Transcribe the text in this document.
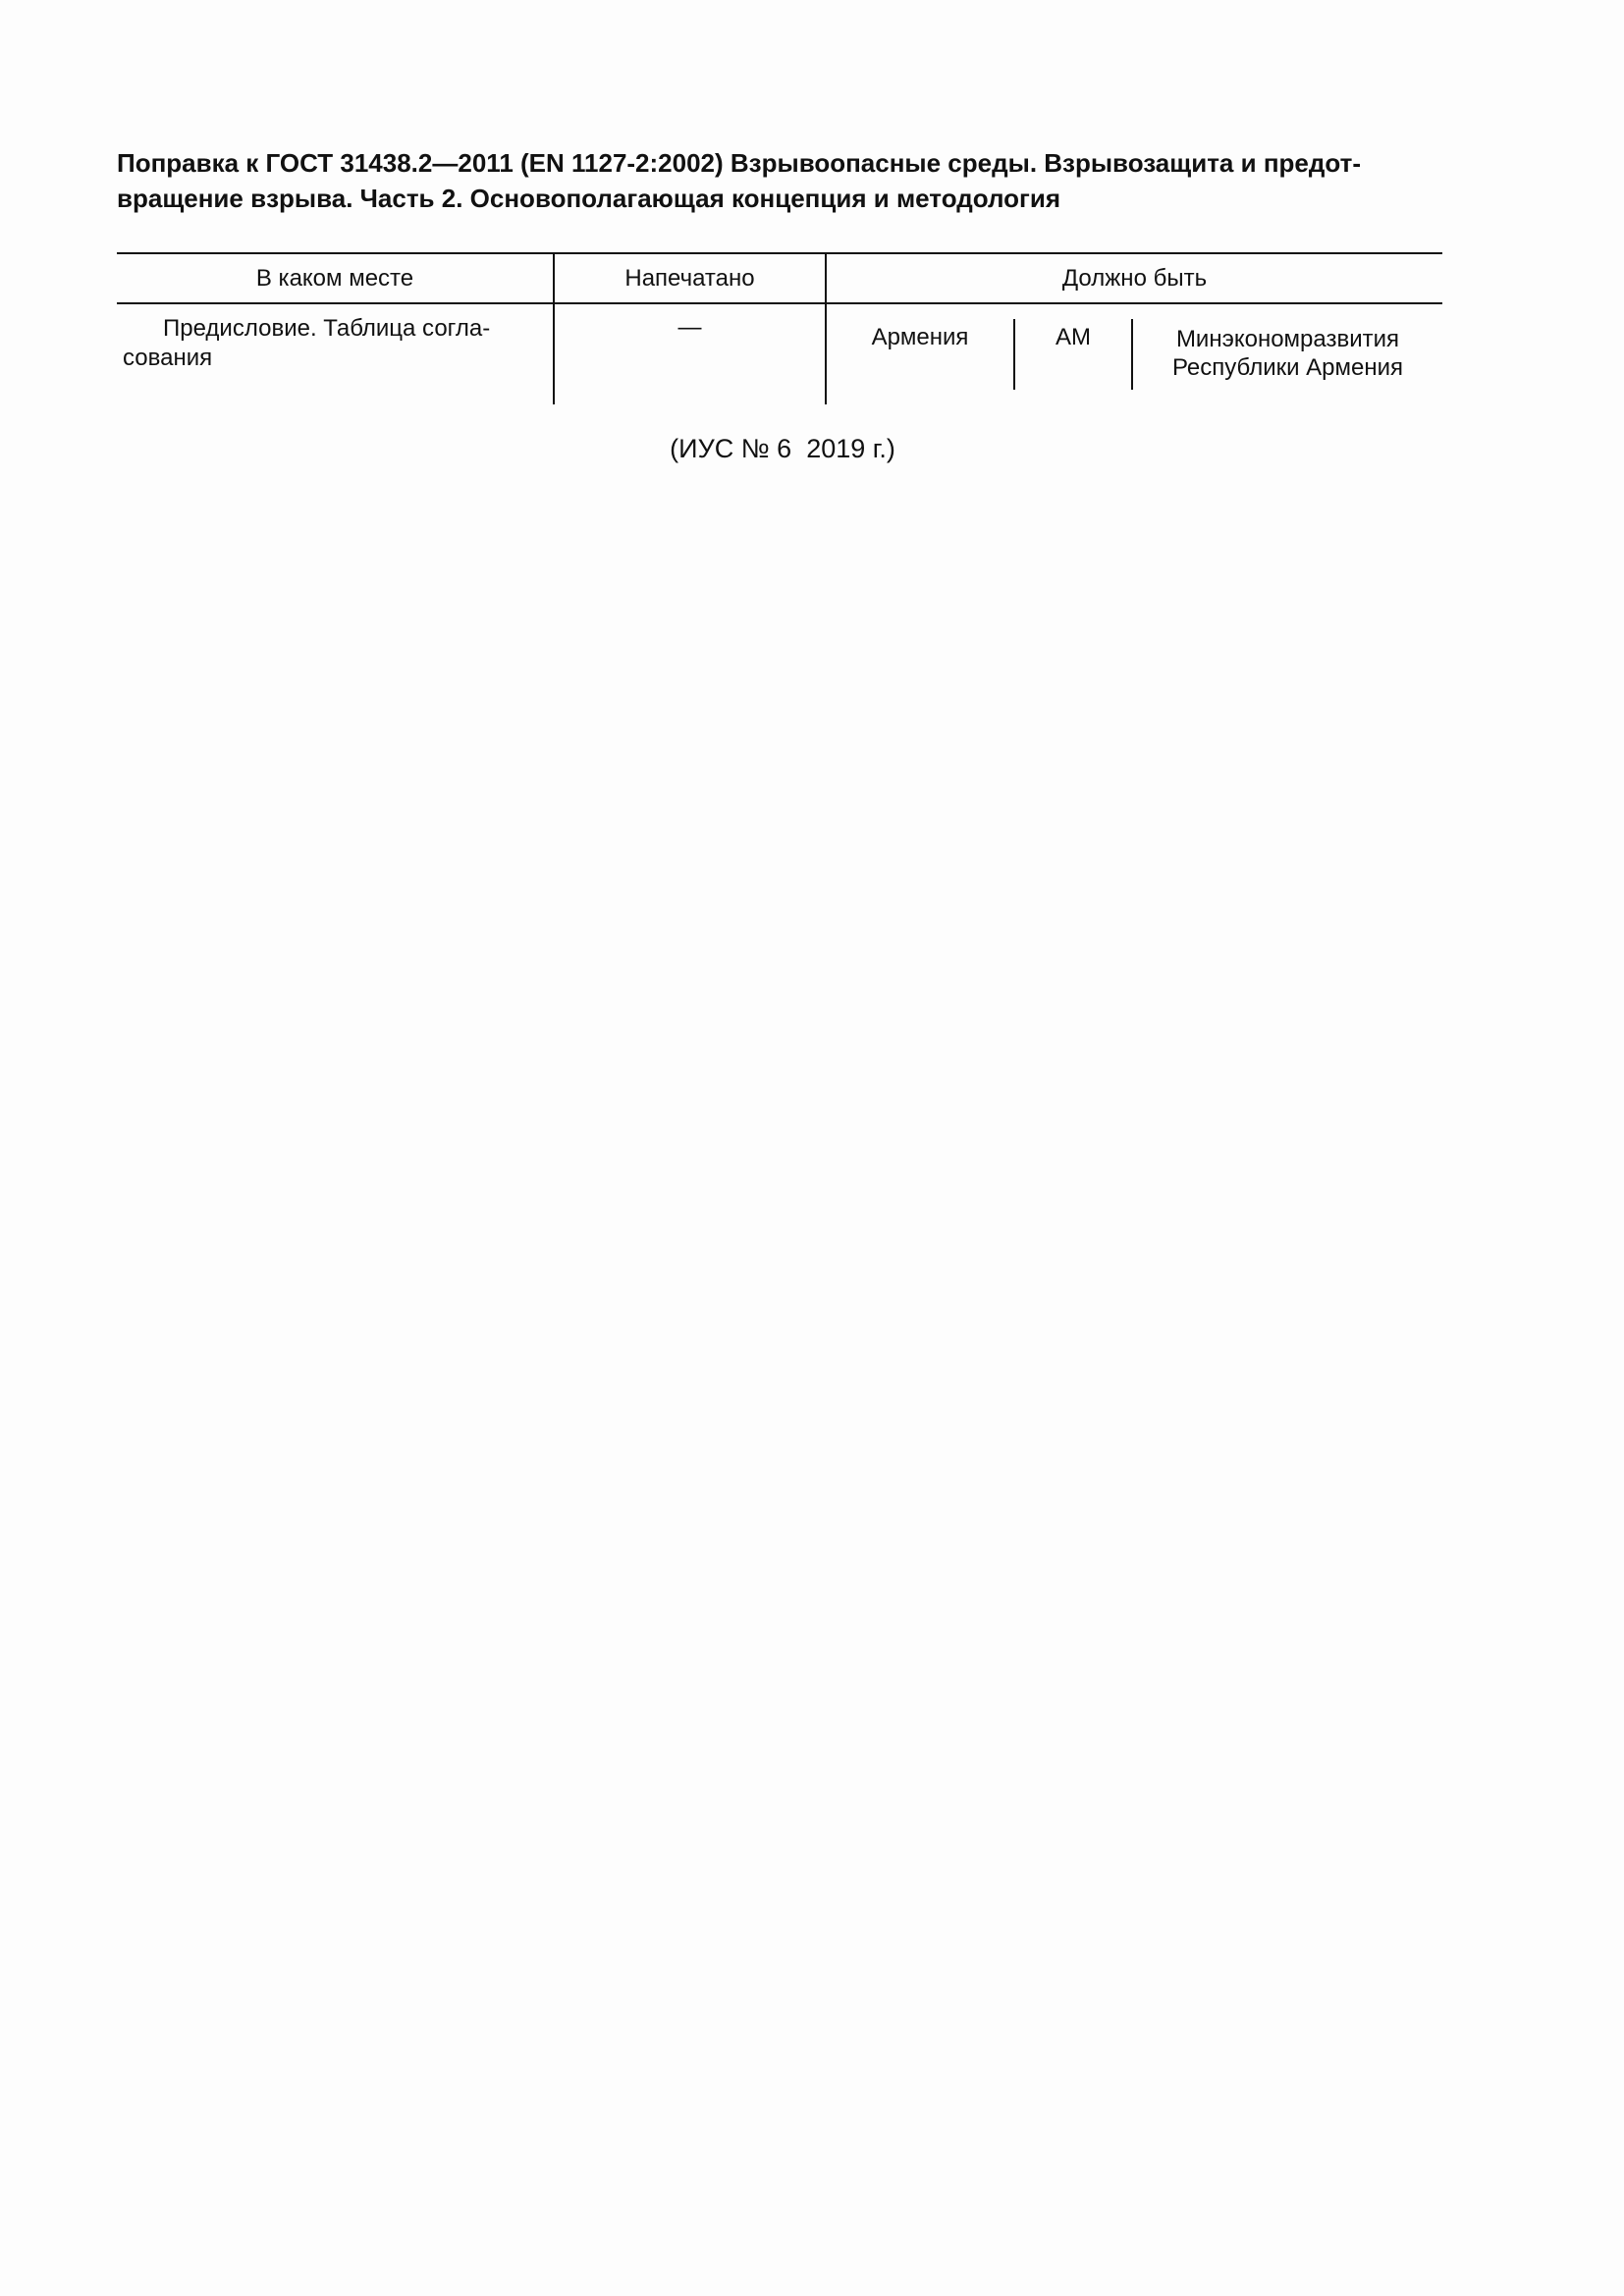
Поправка к ГОСТ 31438.2—2011 (EN 1127-2:2002) Взрывоопасные среды. Взрывозащита и предот-
вращение взрыва. Часть 2. Основополагающая концепция и методология
В каком месте	Напечатано	Должно быть
Предисловие. Таблица согла-
сования
—	Армения	AM	Минэкономразвития
Республики Армения
(ИУС № 6  2019 г.)
